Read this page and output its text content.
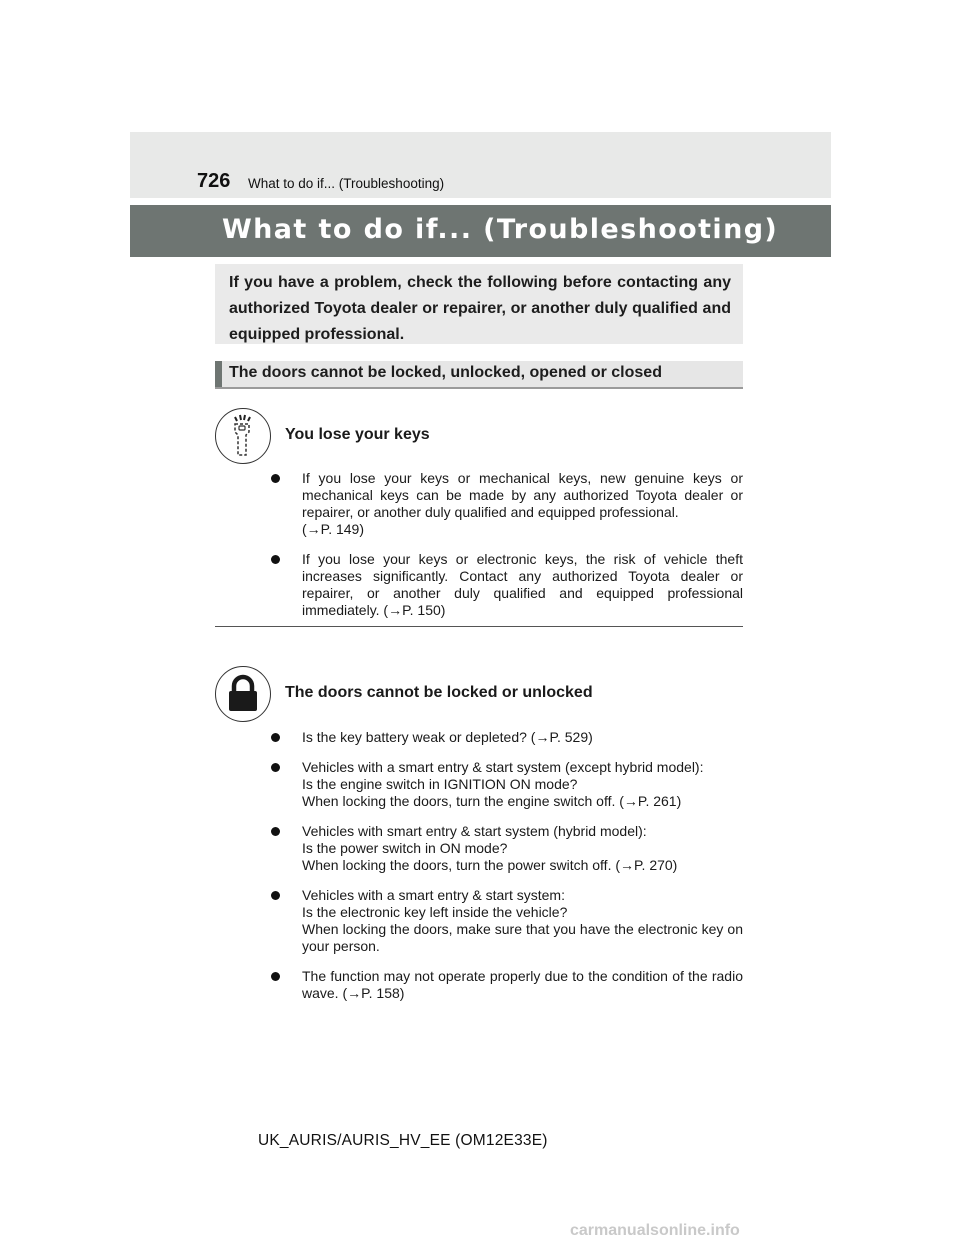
726 What to do if... (Troubleshooting)
What to do if... (Troubleshooting)

If you have a problem, check the following before contacting any authorized Toyota dealer or repairer, or another duly qualified and equipped professional.

The doors cannot be locked, unlocked, opened or closed
You lose your keys
If you lose your keys or mechanical keys, new genuine keys or mechanical keys can be made by any authorized Toyota dealer or repairer, or another duly qualified and equipped professional.
(→P. 149)
If you lose your keys or electronic keys, the risk of vehicle theft increases significantly. Contact any authorized Toyota dealer or repairer, or another duly qualified and equipped professional immediately. (→P. 150)
The doors cannot be locked or unlocked
Is the key battery weak or depleted? (→P. 529)
Vehicles with a smart entry & start system (except hybrid model):
Is the engine switch in IGNITION ON mode?
When locking the doors, turn the engine switch off. (→P. 261)
Vehicles with smart entry & start system (hybrid model):
Is the power switch in ON mode?
When locking the doors, turn the power switch off. (→P. 270)
Vehicles with a smart entry & start system:
Is the electronic key left inside the vehicle?
When locking the doors, make sure that you have the electronic key on your person.
The function may not operate properly due to the condition of the radio wave. (→P. 158)
UK_AURIS/AURIS_HV_EE (OM12E33E)
carmanualsonline.info
